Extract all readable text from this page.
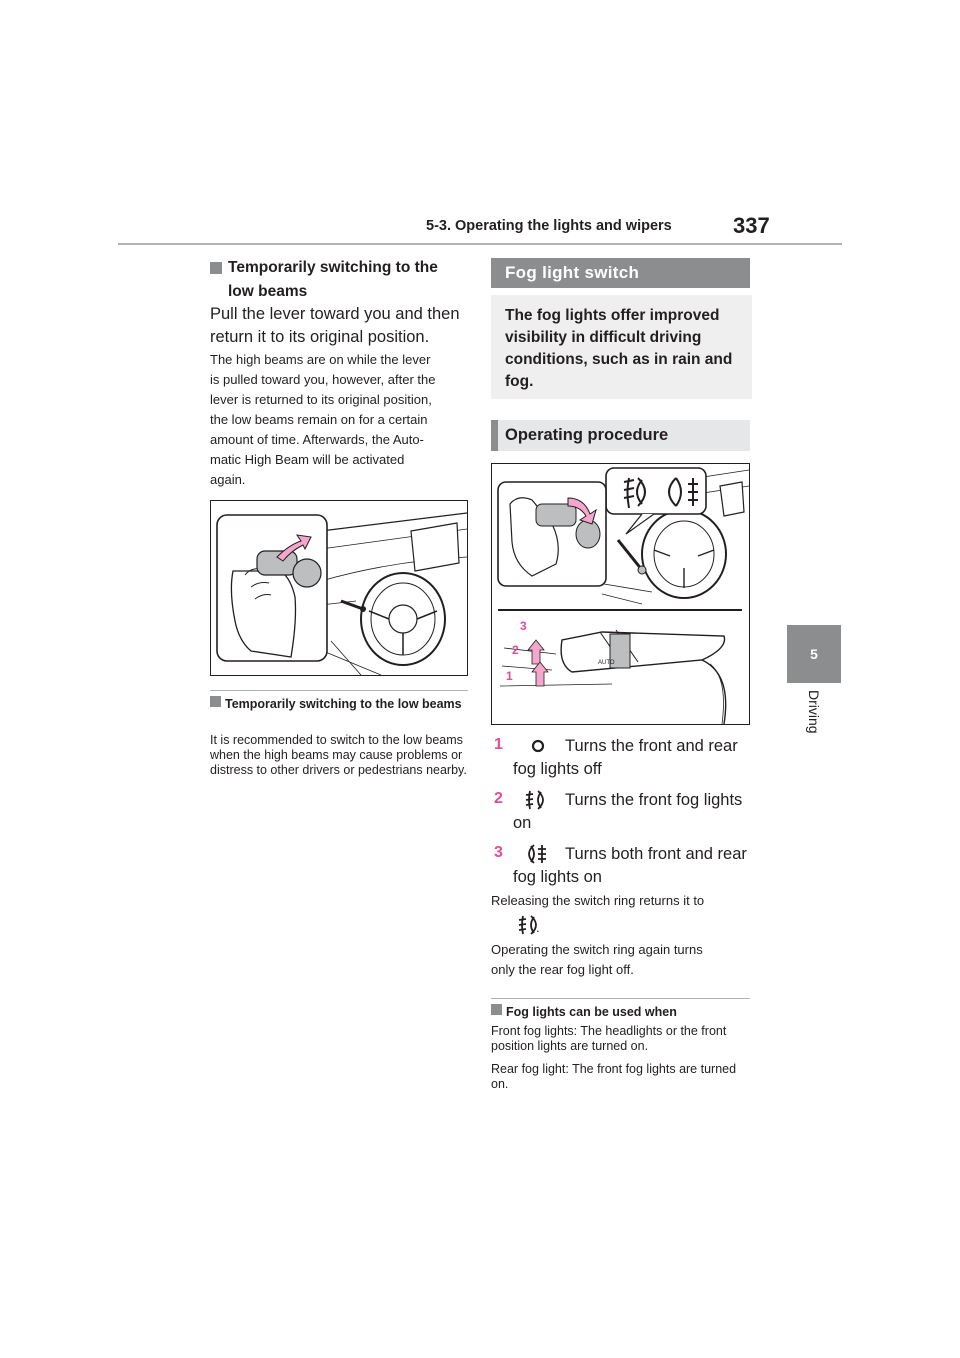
5-3. Operating the lights and wipers	337
5
Driving
Temporarily switching to the low beams
Pull the lever toward you and then return it to its original position.
The high beams are on while the lever
is pulled toward you, however, after the
lever is returned to its original position,
the low beams remain on for a certain
amount of time. Afterwards, the Auto-
matic High Beam will be activated
again.
Temporarily switching to the low beams
It is recommended to switch to the low beams when the high beams may cause problems or distress to other drivers or pedestrians nearby.
Fog light switch
The fog lights offer improved visibility in difficult driving conditions, such as in rain and fog.
Operating procedure
AUTO
3
2
1
1	Turns the front and rear
fog lights off
2	Turns the front fog lights
on
3	Turns both front and rear
fog lights on
Releasing the switch ring returns it to
.
Operating the switch ring again turns
only the rear fog light off.
Fog lights can be used when
Front fog lights: The headlights or the front position lights are turned on.
Rear fog light: The front fog lights are turned on.
